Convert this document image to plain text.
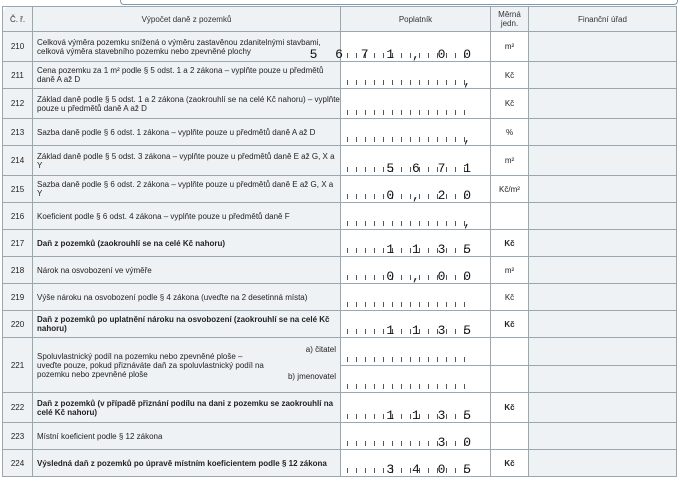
Č. ř.	Výpočet daně z pozemků	Poplatník	Měrná jedn.	Finanční úřad
210	Celková výměra pozemku snížená o výměru zastavěnou zdanitelnými stavbami, celková výměra stavebního pozemku nebo zpevněné plochy	5 6 7 1 , 0 0	m²	
211	Cena pozemku za 1 m² podle § 5 odst. 1 a 2 zákona – vyplňte pouze u předmětů daně A až D	,	Kč	
212	Základ daně podle § 5 odst. 1 a 2 zákona (zaokrouhlí se na celé Kč nahoru) – vyplňte pouze u předmětů daně A až D		Kč	
213	Sazba daně podle § 6 odst. 1 zákona – vyplňte pouze u předmětů daně A až D	,	%	
214	Základ daně podle § 5 odst. 3 zákona – vyplňte pouze u předmětů daně E až G, X a Y	5 6 7 1	m²	
215	Sazba daně podle § 6 odst. 2 zákona – vyplňte pouze u předmětů daně E až G, X a Y	0 , 2 0	Kč/m²	
216	Koeficient podle § 6 odst. 4 zákona – vyplňte pouze u předmětů daně F	,		

217	Daň z pozemků (zaokrouhlí se na celé Kč nahoru)	1 1 3 5	Kč	
218	Nárok na osvobození ve výměře	0 , 0 0	m²	
219	Výše nároku na osvobození podle § 4 zákona (uveďte na 2 desetinná místa)		Kč	
220	Daň z pozemků po uplatnění nároku na osvobození (zaokrouhlí se na celé Kč nahoru)	1 1 3 5	Kč	
221	Spoluvlastnický podíl na pozemku nebo zpevněné ploše – uveďte pouze, pokud přiznáváte daň za spoluvlastnický podíl na pozemku nebo zpevněné ploše
a) čitatel
b) jmenovatel			

222	Daň z pozemků (v případě přiznání podílu na dani z pozemku se zaokrouhlí na celé Kč nahoru)	1 1 3 5	Kč	
223	Místní koeficient podle § 12 zákona	3 0		

224	Výsledná daň z pozemků po úpravě místním koeficientem podle § 12 zákona	3 4 0 5	Kč	
